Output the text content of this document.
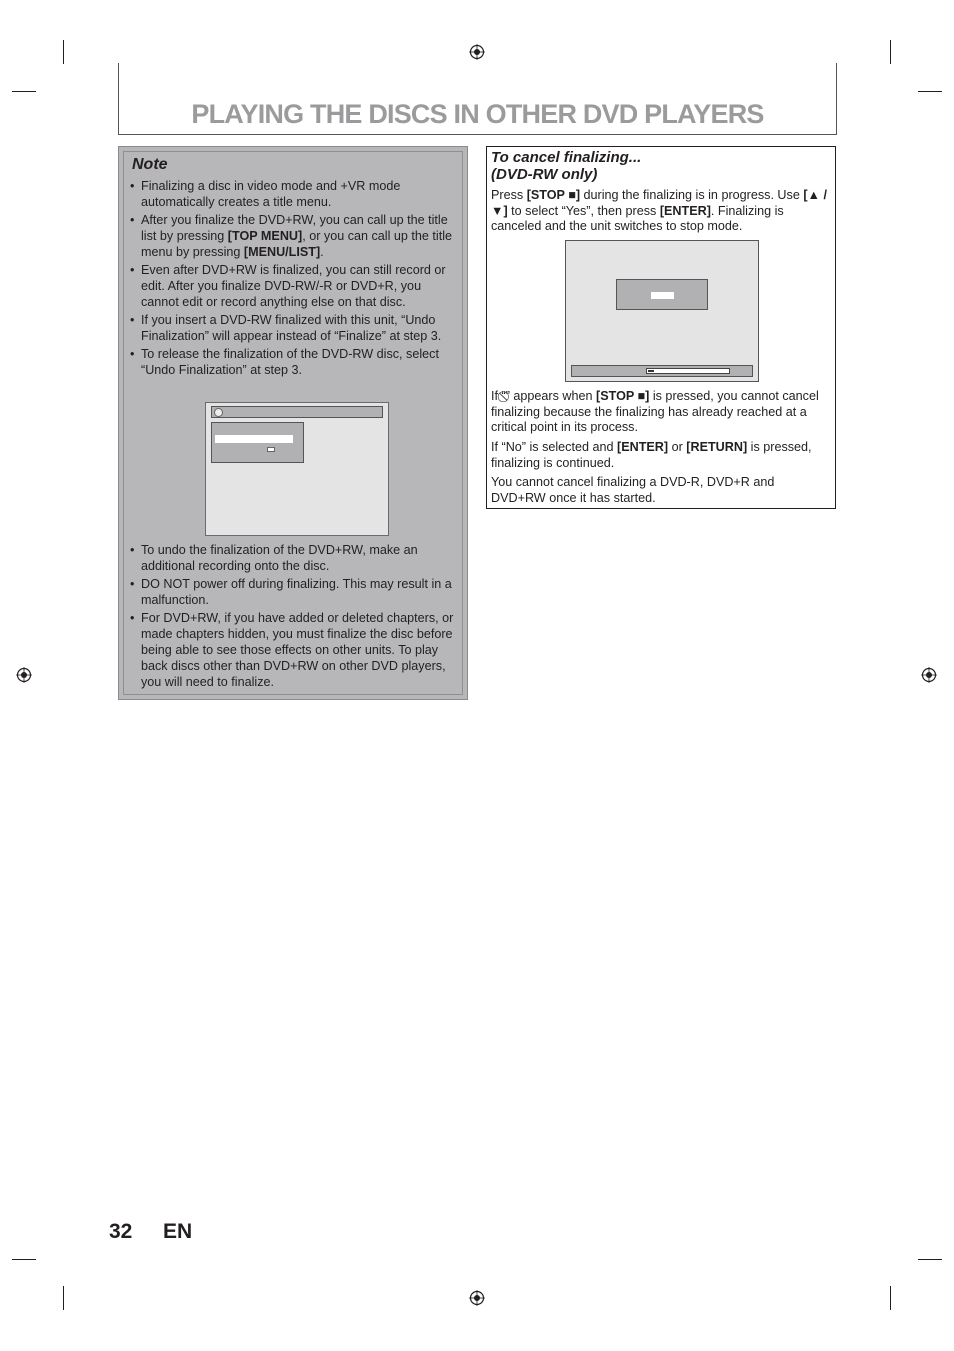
PLAYING THE DISCS IN OTHER DVD PLAYERS

Note

• Finalizing a disc in video mode and +VR mode automatically creates a title menu.
• After you finalize the DVD+RW, you can call up the title list by pressing [TOP MENU], or you can call up the title menu by pressing [MENU/LIST].
• Even after DVD+RW is finalized, you can still record or edit. After you finalize DVD-RW/-R or DVD+R, you cannot edit or record anything else on that disc.
• If you insert a DVD-RW finalized with this unit, “Undo Finalization” will appear instead of “Finalize” at step 3.
• To release the finalization of the DVD-RW disc, select “Undo Finalization” at step 3.
• To undo the finalization of the DVD+RW, make an additional recording onto the disc.
• DO NOT power off during finalizing. This may result in a malfunction.
• For DVD+RW, if you have added or deleted chapters, or made chapters hidden, you must finalize the disc before being able to see those effects on other units. To play back discs other than DVD+RW on other DVD players, you will need to finalize.

To cancel finalizing...
(DVD-RW only)

Press [STOP ■] during the finalizing is in progress. Use [▲ / ▼] to select “Yes”, then press [ENTER]. Finalizing is canceled and the unit switches to stop mode.

If “” appears when [STOP ■] is pressed, you cannot cancel finalizing because the finalizing has already reached at a critical point in its process.

If “No” is selected and [ENTER] or [RETURN] is pressed, finalizing is continued.

You cannot cancel finalizing a DVD-R, DVD+R and DVD+RW once it has started.

32 EN
